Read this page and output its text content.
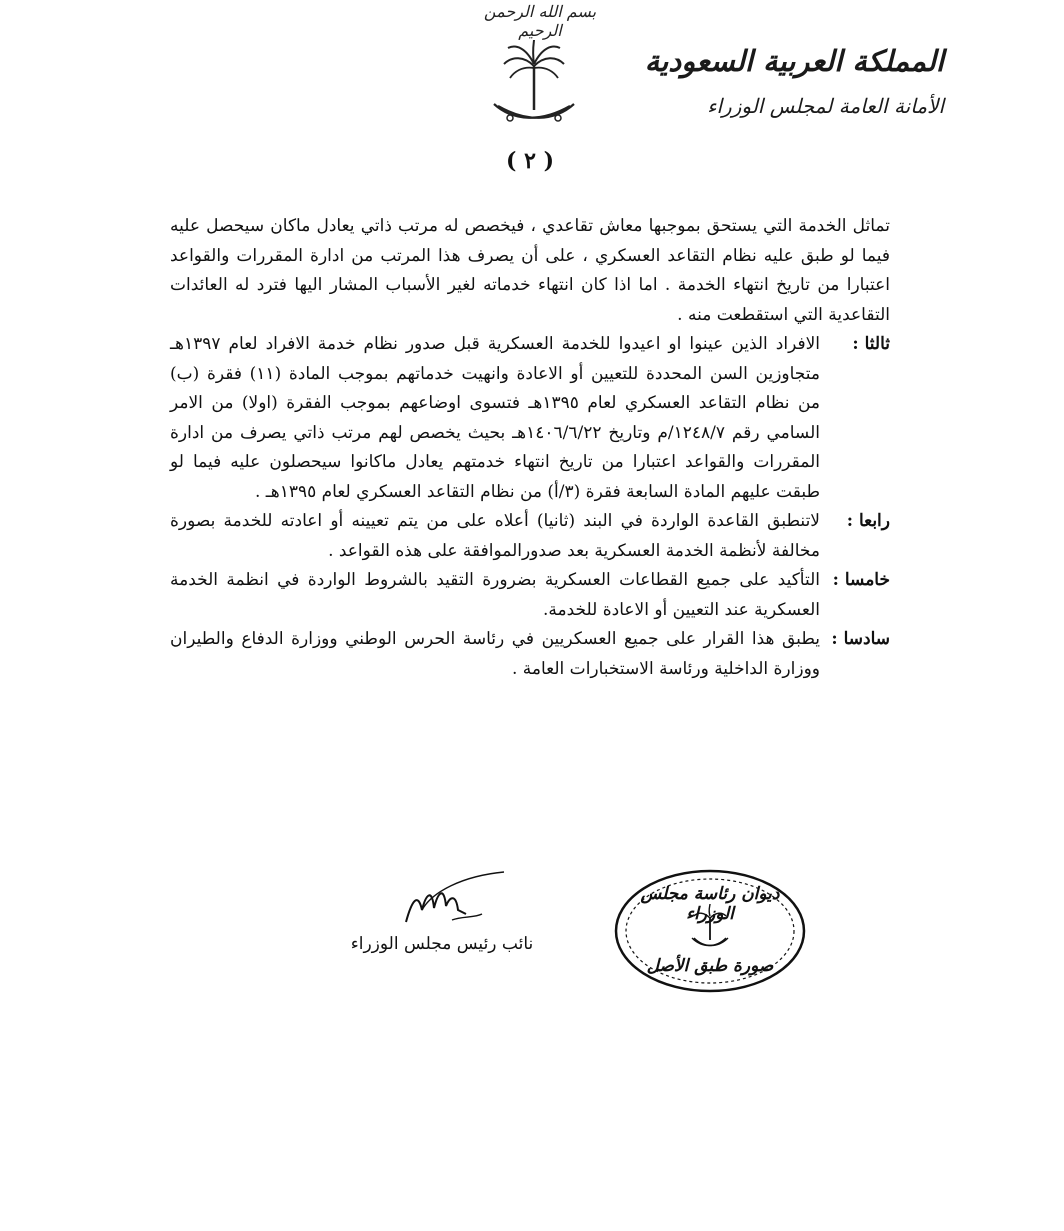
بسم الله الرحمن الرحيم
المملكة العربية السعودية
الأمانة العامة لمجلس الوزراء
( ٢ )

تماثل الخدمة التي يستحق بموجبها معاش تقاعدي ، فيخصص له مرتب ذاتي يعادل ماكان سيحصل عليه فيما لو طبق عليه نظام التقاعد العسكري ، على أن يصرف هذا المرتب من ادارة المقررات والقواعد اعتبارا من تاريخ انتهاء الخدمة . اما اذا كان انتهاء خدماته لغير الأسباب المشار اليها فترد له العائدات التقاعدية التي استقطعت منه .

ثالثا :
الافراد الذين عينوا او اعيدوا للخدمة العسكرية قبل صدور نظام خدمة الافراد لعام ١٣٩٧هـ متجاوزين السن المحددة للتعيين أو الاعادة وانهيت خدماتهم بموجب المادة (١١) فقرة (ب) من نظام التقاعد العسكري لعام ١٣٩٥هـ فتسوى اوضاعهم بموجب الفقرة (اولا) من الامر السامي رقم ١٢٤٨/٧/م وتاريخ ١٤٠٦/٦/٢٢هـ بحيث يخصص لهم مرتب ذاتي يصرف من ادارة المقررات والقواعد اعتبارا من تاريخ انتهاء خدمتهم يعادل ماكانوا سيحصلون عليه فيما لو طبقت عليهم المادة السابعة فقرة (٣/أ) من نظام التقاعد العسكري لعام ١٣٩٥هـ .
رابعا :
لاتنطبق القاعدة الواردة في البند (ثانيا) أعلاه على من يتم تعيينه أو اعادته للخدمة بصورة مخالفة لأنظمة الخدمة العسكرية بعد صدورالموافقة على هذه القواعد .
خامسا :
التأكيد على جميع القطاعات العسكرية بضرورة التقيد بالشروط الواردة في انظمة الخدمة العسكرية عند التعيين أو الاعادة للخدمة.
سادسا :
يطبق هذا القرار على جميع العسكريين في رئاسة الحرس الوطني ووزارة الدفاع والطيران ووزارة الداخلية ورئاسة الاستخبارات العامة .
نائب رئيس مجلس الوزراء
ديوان رئاسة مجلس الوزراء
صورة طبق الأصل
